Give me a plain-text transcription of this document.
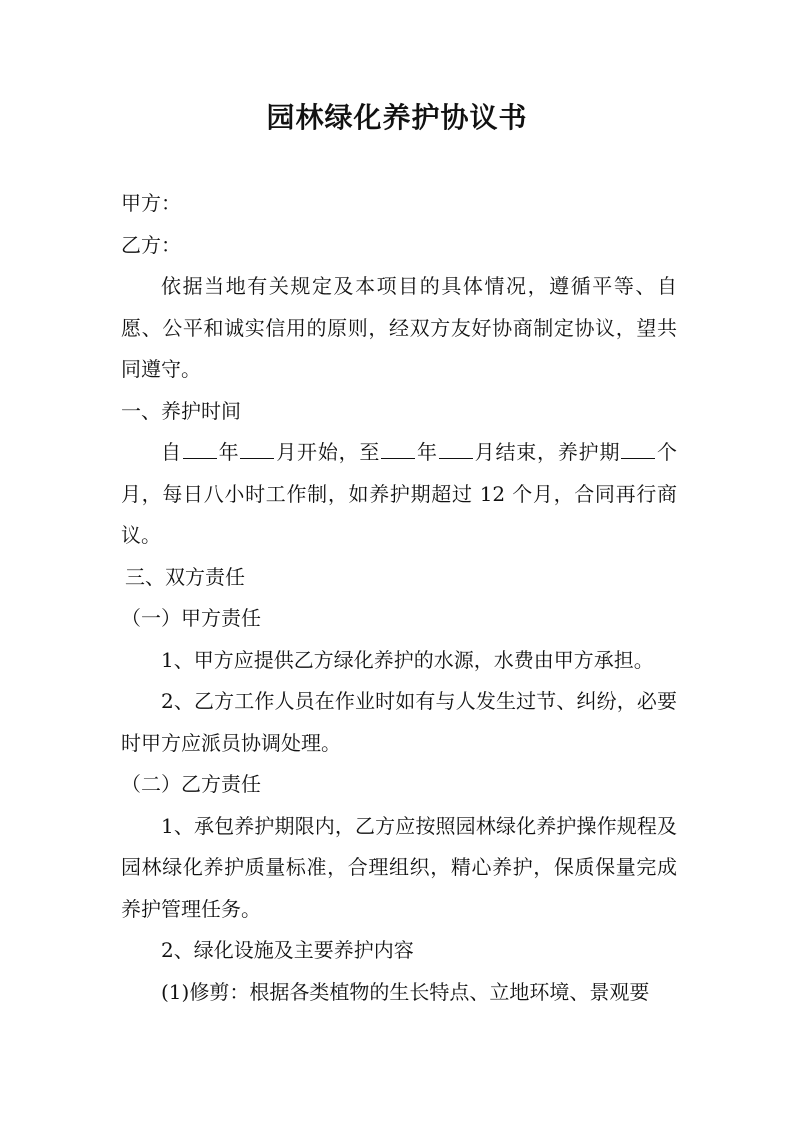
园林绿化养护协议书

甲方：

乙方：

依据当地有关规定及本项目的具体情况，遵循平等、自愿、公平和诚实信用的原则，经双方友好协商制定协议，望共同遵守。

一、养护时间

自 年 月开始，至 年 月结束，养护期 个月，每日八小时工作制，如养护期超过 12 个月，合同再行商议。

三、双方责任

（一）甲方责任

1、甲方应提供乙方绿化养护的水源，水费由甲方承担。

2、乙方工作人员在作业时如有与人发生过节、纠纷，必要时甲方应派员协调处理。

（二）乙方责任

1、承包养护期限内，乙方应按照园林绿化养护操作规程及园林绿化养护质量标准，合理组织，精心养护，保质保量完成养护管理任务。

2、绿化设施及主要养护内容

(1)修剪：根据各类植物的生长特点、立地环境、景观要
